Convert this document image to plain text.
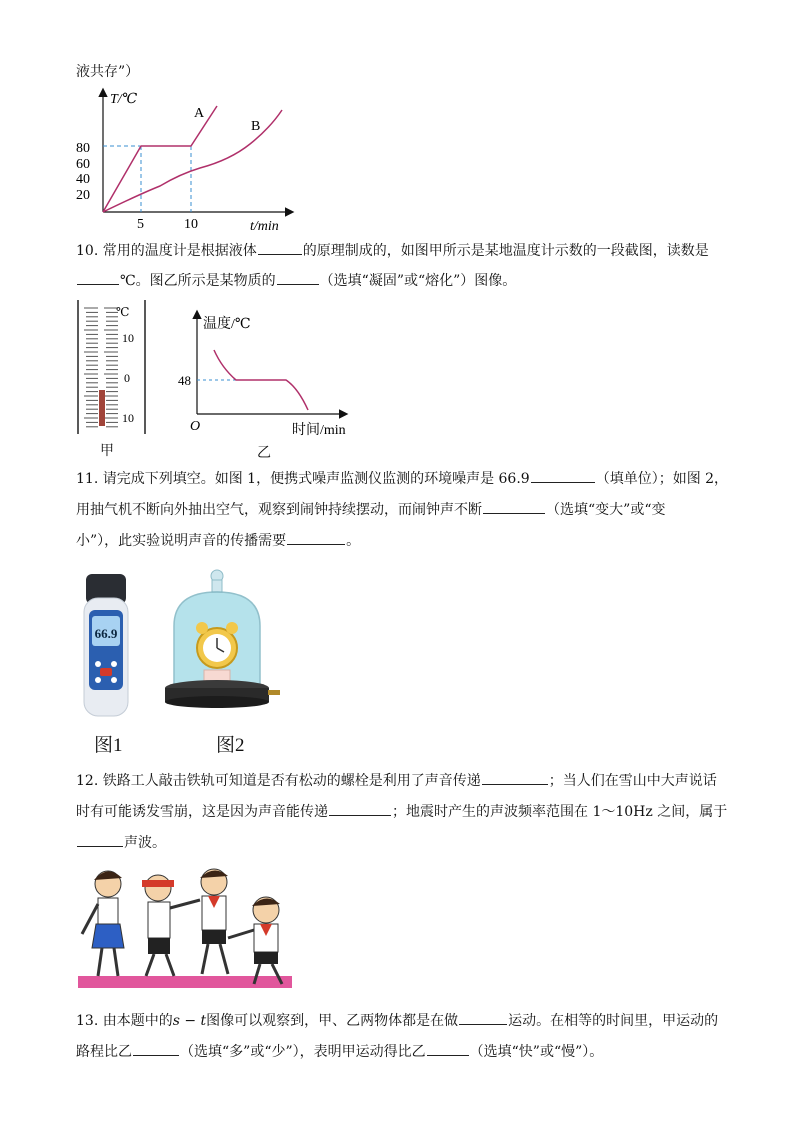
液共存”）
T/℃
t/min
80
60
40
20
5	10
A
B
10. 常用的温度计是根据液体	的原理制成的，如图甲所示是某地温度计示数的一段截图，读数是
℃。图乙所示是某物质的	（选填“凝固”或“熔化”）图像。
℃
10
0
10
甲
温度/℃
时间/min
O
48
乙
11. 请完成下列填空。如图 1，便携式噪声监测仪监测的环境噪声是 66.9	（填单位）；如图 2，
用抽气机不断向外抽出空气，观察到闹钟持续摆动，而闹钟声不断	（选填“变大”或“变
小”），此实验说明声音的传播需要	。
66.9
图1	图2
12. 铁路工人敲击铁轨可知道是否有松动的螺栓是利用了声音传递	；当人们在雪山中大声说话
时有可能诱发雪崩，这是因为声音能传递	；地震时产生的声波频率范围在 1～10Hz 之间，属于
声波。
13. 由本题中的s − t图像可以观察到，甲、乙两物体都是在做	运动。在相等的时间里，甲运动的
路程比乙	（选填“多”或“少”），表明甲运动得比乙	（选填“快”或“慢”）。
